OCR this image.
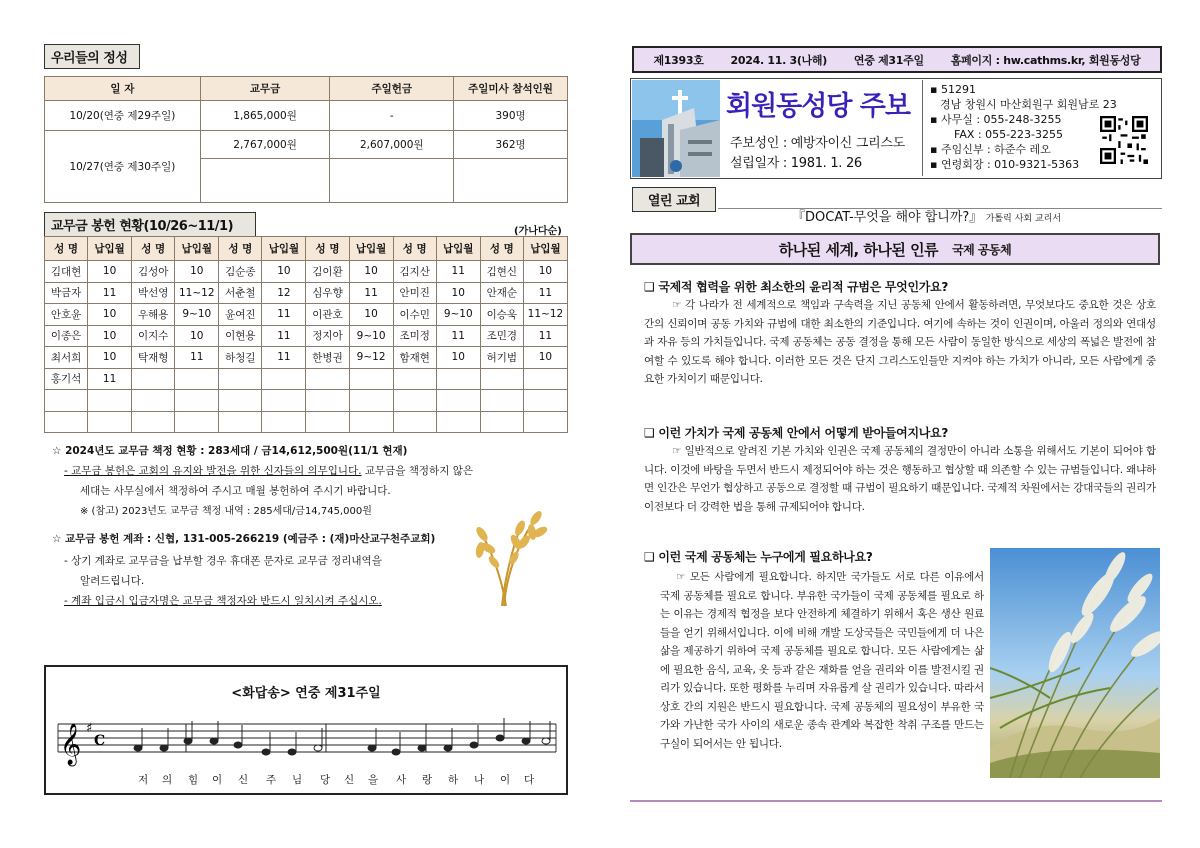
우리들의 정성
일 자	교무금	주일헌금	주일미사 참석인원
10/20(연중 제29주일)	1,865,000원	-	390명
10/27(연중 제30주일)	2,767,000원	2,607,000원	362명

교무금 봉헌 현황(10/26~11/1)	(가나다순)
성 명	납입월	성 명	납입월	성 명	납입월	성 명	납입월	성 명	납입월	성 명	납입월
김대현	10	김성아	10	김순종	10	김이환	10	김지산	11	김현신	10
박금자	11	박선영	11~12	서춘철	12	심우향	11	안미진	10	안재순	11
안호윤	10	우해용	9~10	윤여진	11	이관호	10	이수민	9~10	이승욱	11~12
이종은	10	이지수	10	이현용	11	정지아	9~10	조미정	11	조민경	11
최서희	10	탁재형	11	하청길	11	한병권	9~12	함재현	10	허기범	10
홍기석	11										

☆ 2024년도 교무금 책정 현황 : 283세대 / 금14,612,500원(11/1 현재)
- 교무금 봉헌은 교회의 유지와 발전을 위한 신자들의 의무입니다. 교무금을 책정하지 않은
세대는 사무실에서 책정하여 주시고 매월 봉헌하여 주시기 바랍니다.
※ (참고) 2023년도 교무금 책정 내역 : 285세대/금14,745,000원
☆ 교무금 봉헌 계좌 : 신협, 131-005-266219 (예금주 : (재)마산교구천주교회)
- 상기 계좌로 교무금을 납부할 경우 휴대폰 문자로 교무금 정리내역을
알려드립니다.
- 계좌 입금시 입금자명은 교무금 책정자와 반드시 일치시켜 주십시오.
<화답송> 연중 제31주일
𝄞 ♯
C
저 의 힘 이 신 주 님 당 신 을 사 랑 하 나 이 다
제1393호 2024. 11. 3(나해) 연중 제31주일 홈페이지 : hw.cathms.kr, 회원동성당
회원동성당 주보
주보성인 : 예방자이신 그리스도
설립일자 : 1981. 1. 26
▪ 51291
경남 창원시 마산회원구 회원남로 23
▪ 사무실 : 055-248-3255
FAX : 055-223-3255
▪ 주임신부 : 하준수 레오
▪ 연령회장 : 010-9321-5363
열린 교회
『DOCAT-무엇을 해야 합니까?』 가톨릭 사회 교리서
하나된 세계, 하나된 인류 국제 공동체
❑ 국제적 협력을 위한 최소한의 윤리적 규범은 무엇인가요?
☞ 각 나라가 전 세계적으로 책임과 구속력을 지닌 공동체 안에서 활동하려면, 무엇보다도 중요한 것은 상호 간의 신뢰이며 공동 가치와 규범에 대한 최소한의 기준입니다. 여기에 속하는 것이 인권이며, 아울러 정의와 연대성과 자유 등의 가치들입니다. 국제 공동체는 공동 결정을 통해 모든 사람이 동일한 방식으로 세상의 폭넓은 발전에 참여할 수 있도록 해야 합니다. 이러한 모든 것은 단지 그리스도인들만 지켜야 하는 가치가 아니라, 모든 사람에게 중요한 가치이기 때문입니다.
❑ 이런 가치가 국제 공동체 안에서 어떻게 받아들여지나요?
☞ 일반적으로 알려진 기본 가치와 인권은 국제 공동체의 결정만이 아니라 소통을 위해서도 기본이 되어야 합니다. 이것에 바탕을 두면서 반드시 제정되어야 하는 것은 행동하고 협상할 때 의존할 수 있는 규범들입니다. 왜냐하면 인간은 무언가 협상하고 공동으로 결정할 때 규범이 필요하기 때문입니다. 국제적 차원에서는 강대국들의 권리가 이전보다 더 강력한 법을 통해 규제되어야 합니다.
❑ 이런 국제 공동체는 누구에게 필요하나요?
☞ 모든 사람에게 필요합니다. 하지만 국가들도 서로 다른 이유에서 국제 공동체를 필요로 합니다. 부유한 국가들이 국제 공동체를 필요로 하는 이유는 경제적 협정을 보다 안전하게 체결하기 위해서 혹은 생산 원료들을 얻기 위해서입니다. 이에 비해 개발 도상국들은 국민들에게 더 나은 삶을 제공하기 위하여 국제 공동체를 필요로 합니다. 모든 사람에게는 삶에 필요한 음식, 교육, 옷 등과 같은 재화를 얻을 권리와 이를 발전시킬 권리가 있습니다. 또한 평화를 누리며 자유롭게 살 권리가 있습니다. 따라서 상호 간의 지원은 반드시 필요합니다. 국제 공동체의 필요성이 부유한 국가와 가난한 국가 사이의 새로운 종속 관계와 복잡한 착취 구조를 만드는 구실이 되어서는 안 됩니다.
